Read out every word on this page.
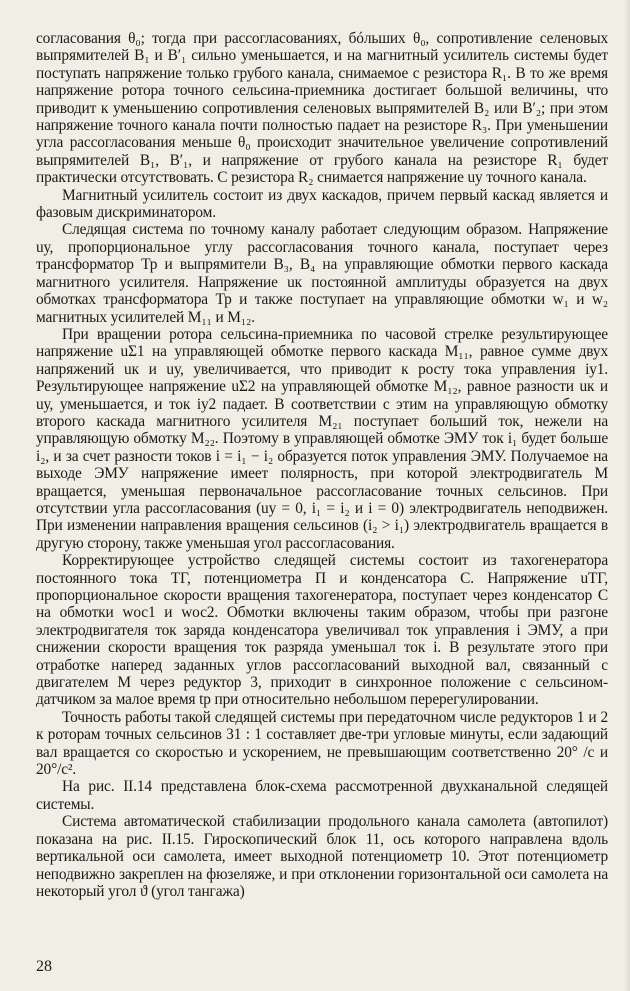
согласования θ₀; тогда при рассогласованиях, бóльших θ₀, сопротивление селеновых выпрямителей B₁ и B′₁ сильно уменьшается, и на магнитный усилитель системы будет поступать напряжение только грубого канала, снимаемое с резистора R₁. В то же время напряжение ротора точного сельсина-приемника достигает большой величины, что приводит к уменьшению сопротивления селеновых выпрямителей B₂ или B′₂; при этом напряжение точного канала почти полностью падает на резисторе R₃. При уменьшении угла рассогласования меньше θ₀ происходит значительное увеличение сопротивлений выпрямителей B₁, B′₁, и напряжение от грубого канала на резисторе R₁ будет практически отсутствовать. С резистора R₂ снимается напряжение uу точного канала.

Магнитный усилитель состоит из двух каскадов, причем первый каскад является и фазовым дискриминатором.

Следящая система по точному каналу работает следующим образом. Напряжение uу, пропорциональное углу рассогласования точного канала, поступает через трансформатор Тр и выпрямители B₃, B₄ на управляющие обмотки первого каскада магнитного усилителя. Напряжение uк постоянной амплитуды образуется на двух обмотках трансформатора Тр и также поступает на управляющие обмотки w₁ и w₂ магнитных усилителей M₁₁ и M₁₂.

При вращении ротора сельсина-приемника по часовой стрелке результирующее напряжение uΣ1 на управляющей обмотке первого каскада M₁₁, равное сумме двух напряжений uк и uу, увеличивается, что приводит к росту тока управления iу1. Результирующее напряжение uΣ2 на управляющей обмотке M₁₂, равное разности uк и uу, уменьшается, и ток iу2 падает. В соответствии с этим на управляющую обмотку второго каскада магнитного усилителя M₂₁ поступает больший ток, нежели на управляющую обмотку M₂₂. Поэтому в управляющей обмотке ЭМУ ток i₁ будет больше i₂, и за счет разности токов i = i₁ − i₂ образуется поток управления ЭМУ. Получаемое на выходе ЭМУ напряжение имеет полярность, при которой электродвигатель M вращается, уменьшая первоначальное рассогласование точных сельсинов. При отсутствии угла рассогласования (uу = 0, i₁ = i₂ и i = 0) электродвигатель неподвижен. При изменении направления вращения сельсинов (i₂ > i₁) электродвигатель вращается в другую сторону, также уменьшая угол рассогласования.

Корректирующее устройство следящей системы состоит из тахогенератора постоянного тока ТГ, потенциометра П и конденсатора C. Напряжение uТГ, пропорциональное скорости вращения тахогенератора, поступает через конденсатор C на обмотки wос1 и wос2. Обмотки включены таким образом, чтобы при разгоне электродвигателя ток заряда конденсатора увеличивал ток управления i ЭМУ, а при снижении скорости вращения ток разряда уменьшал ток i. В результате этого при отработке наперед заданных углов рассогласований выходной вал, связанный с двигателем M через редуктор 3, приходит в синхронное положение с сельсином-датчиком за малое время tр при относительно небольшом перерегулировании.

Точность работы такой следящей системы при передаточном числе редукторов 1 и 2 к роторам точных сельсинов 31 : 1 составляет две-три угловые минуты, если задающий вал вращается со скоростью и ускорением, не превышающим соответственно 20° /с и 20°/с².

На рис. II.14 представлена блок-схема рассмотренной двухканальной следящей системы.

Система автоматической стабилизации продольного канала самолета (автопилот) показана на рис. II.15. Гироскопический блок 11, ось которого направлена вдоль вертикальной оси самолета, имеет выходной потенциометр 10. Этот потенциометр неподвижно закреплен на фюзеляже, и при отклонении горизонтальной оси самолета на некоторый угол ϑ (угол тангажа)

28
